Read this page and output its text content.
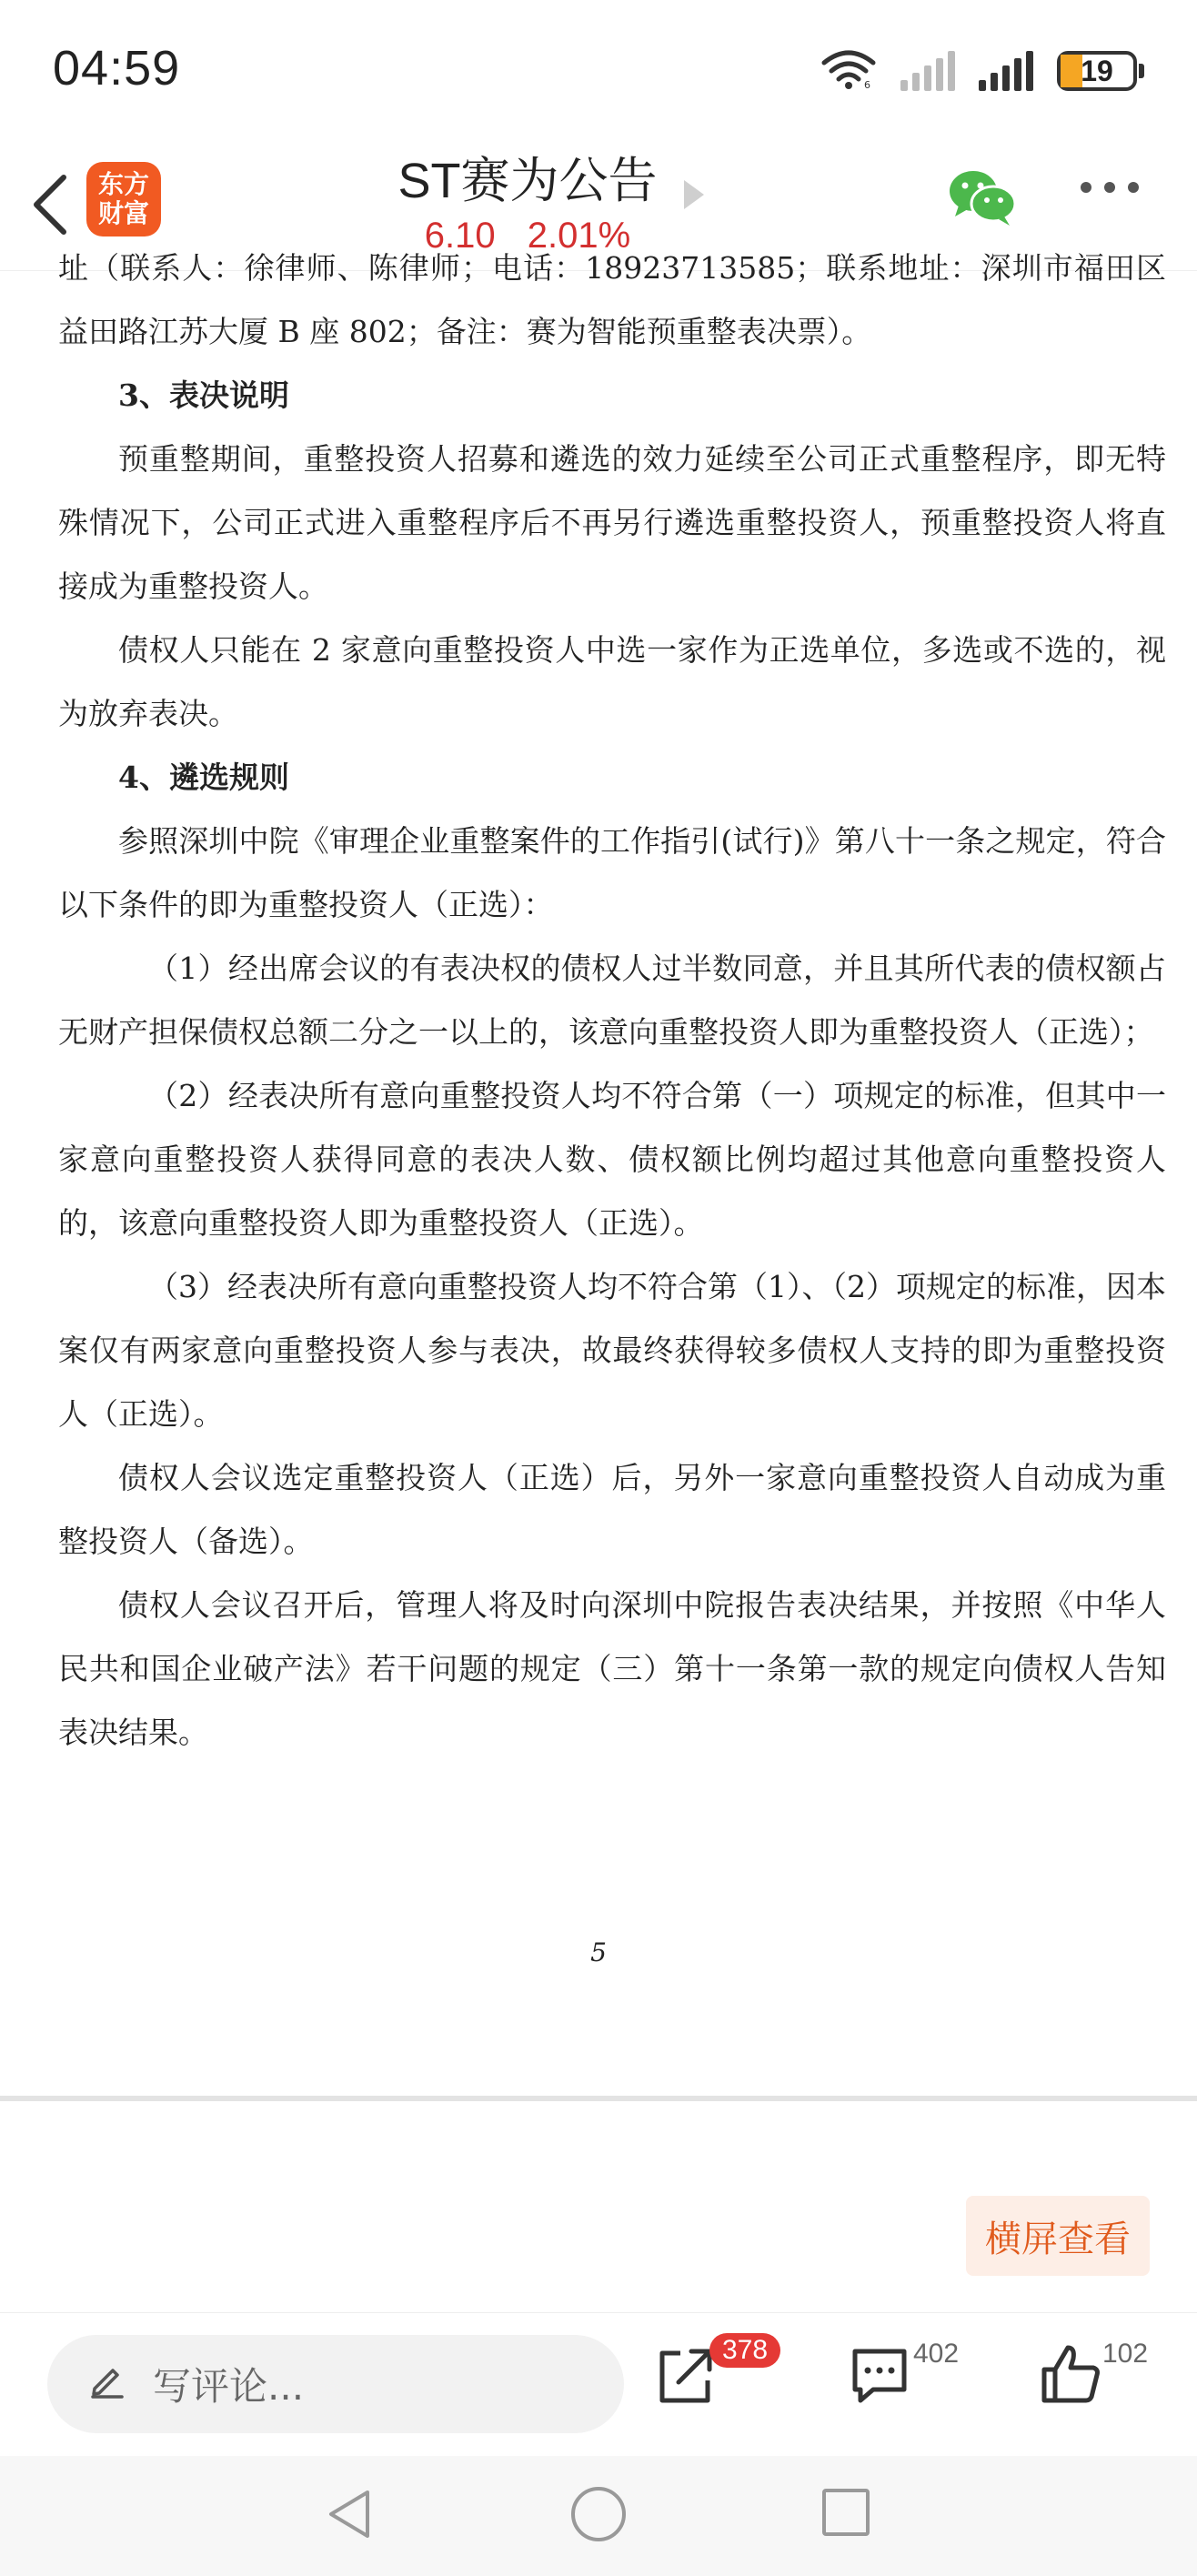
04:59	6	19
东方
财富
ST赛为公告
6.10 2.01%

址（联系人：徐律师、陈律师；电话：18923713585；联系地址：深圳市福田区益田路江苏大厦 B 座 802；备注：赛为智能预重整表决票）。

3、表决说明

预重整期间，重整投资人招募和遴选的效力延续至公司正式重整程序，即无特殊情况下，公司正式进入重整程序后不再另行遴选重整投资人，预重整投资人将直接成为重整投资人。

债权人只能在 2 家意向重整投资人中选一家作为正选单位，多选或不选的，视为放弃表决。

4、遴选规则

参照深圳中院《审理企业重整案件的工作指引(试行)》第八十一条之规定，符合以下条件的即为重整投资人（正选）：

（1）经出席会议的有表决权的债权人过半数同意，并且其所代表的债权额占无财产担保债权总额二分之一以上的，该意向重整投资人即为重整投资人（正选）；

（2）经表决所有意向重整投资人均不符合第（一）项规定的标准，但其中一家意向重整投资人获得同意的表决人数、债权额比例均超过其他意向重整投资人的，该意向重整投资人即为重整投资人（正选）。

（3）经表决所有意向重整投资人均不符合第（1）、（2）项规定的标准，因本案仅有两家意向重整投资人参与表决，故最终获得较多债权人支持的即为重整投资人（正选）。

债权人会议选定重整投资人（正选）后，另外一家意向重整投资人自动成为重整投资人（备选）。

债权人会议召开后，管理人将及时向深圳中院报告表决结果，并按照《中华人民共和国企业破产法》若干问题的规定（三）第十一条第一款的规定向债权人告知表决结果。

5
横屏查看
写评论...
378	402	102
